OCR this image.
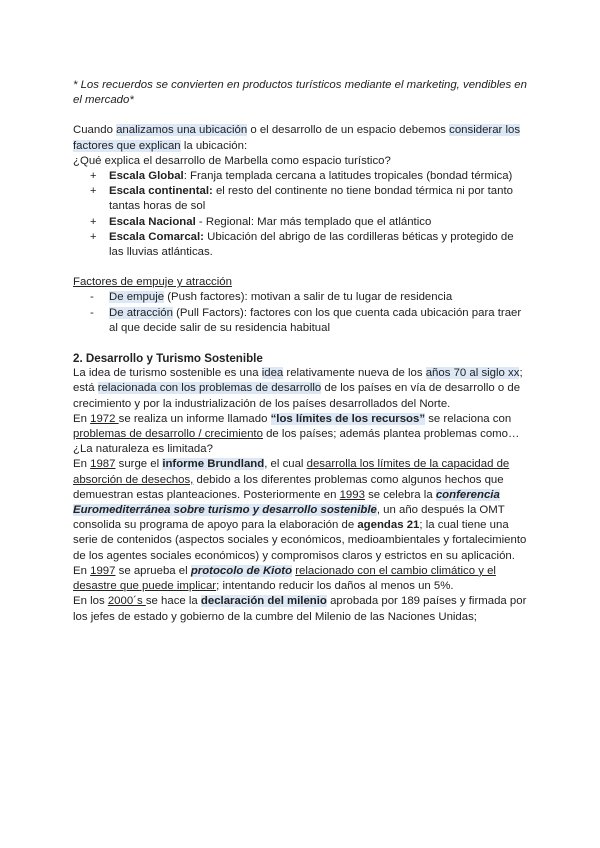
* Los recuerdos se convierten en productos turísticos mediante el marketing, vendibles en el mercado*

Cuando analizamos una ubicación o el desarrollo de un espacio debemos considerar los factores que explican la ubicación:

¿Qué explica el desarrollo de Marbella como espacio turístico?

+ Escala Global: Franja templada cercana a latitudes tropicales (bondad térmica)
+ Escala continental: el resto del continente no tiene bondad térmica ni por tanto tantas horas de sol
+ Escala Nacional - Regional: Mar más templado que el atlántico
+ Escala Comarcal: Ubicación del abrigo de las cordilleras béticas y protegido de las lluvias atlánticas.

Factores de empuje y atracción

- De empuje (Push factores): motivan a salir de tu lugar de residencia
- De atracción (Pull Factors): factores con los que cuenta cada ubicación para traer al que decide salir de su residencia habitual
2. Desarrollo y Turismo Sostenible

La idea de turismo sostenible es una idea relativamente nueva de los años 70 al siglo xx; está relacionada con los problemas de desarrollo de los países en vía de desarrollo o de crecimiento y por la industrialización de los países desarrollados del Norte.

En 1972 se realiza un informe llamado “los límites de los recursos” se relaciona con problemas de desarrollo / crecimiento de los países; además plantea problemas como… ¿La naturaleza es limitada?

En 1987 surge el informe Brundland, el cual desarrolla los límites de la capacidad de absorción de desechos, debido a los diferentes problemas como algunos hechos que demuestran estas planteaciones. Posteriormente en 1993 se celebra la conferencia Euromediterránea sobre turismo y desarrollo sostenible, un año después la OMT consolida su programa de apoyo para la elaboración de agendas 21; la cual tiene una serie de contenidos (aspectos sociales y económicos, medioambientales y fortalecimiento de los agentes sociales económicos) y compromisos claros y estrictos en su aplicación.

En 1997 se aprueba el protocolo de Kioto relacionado con el cambio climático y el desastre que puede implicar; intentando reducir los daños al menos un 5%.

En los 2000´s se hace la declaración del milenio aprobada por 189 países y firmada por los jefes de estado y gobierno de la cumbre del Milenio de las Naciones Unidas;
